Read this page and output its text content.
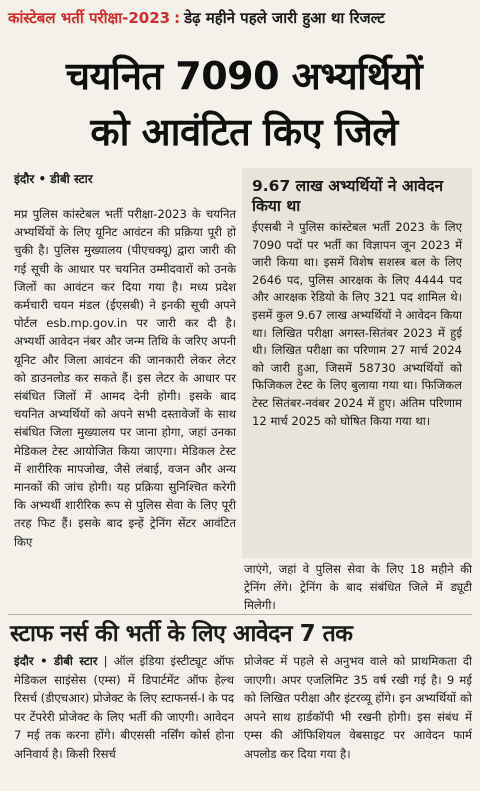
कांस्टेबल भर्ती परीक्षा-2023 : डेढ़ महीने पहले जारी हुआ था रिजल्ट
चयनित 7090 अभ्यर्थियों
को आवंटित किए जिले
इंदौर • डीबी स्टार
मप्र पुलिस कांस्टेबल भर्ती परीक्षा-2023 के चयनित अभ्यर्थियों के लिए यूनिट आवंटन की प्रक्रिया पूरी हो चुकी है। पुलिस मुख्यालय (पीएचक्यू) द्वारा जारी की गई सूची के आधार पर चयनित उम्मीदवारों को उनके जिलों का आवंटन कर दिया गया है। मध्य प्रदेश कर्मचारी चयन मंडल (ईएसबी) ने इनकी सूची अपने पोर्टल esb.mp.gov.in पर जारी कर दी है। अभ्यर्थी आवेदन नंबर और जन्म तिथि के जरिए अपनी यूनिट और जिला आवंटन की जानकारी लेकर लेटर को डाउनलोड कर सकते हैं। इस लेटर के आधार पर संबंधित जिलों में आमद देनी होगी। इसके बाद चयनित अभ्यर्थियों को अपने सभी दस्तावेजों के साथ संबंधित जिला मुख्यालय पर जाना होगा, जहां उनका मेडिकल टेस्ट आयोजित किया जाएगा। मेडिकल टेस्ट में शारीरिक मापजोख, जैसे लंबाई, वजन और अन्य मानकों की जांच होगी। यह प्रक्रिया सुनिश्चित करेगी कि अभ्यर्थी शारीरिक रूप से पुलिस सेवा के लिए पूरी तरह फिट हैं। इसके बाद इन्हें ट्रेनिंग सेंटर आवंटित किए
9.67 लाख अभ्यर्थियों ने आवेदन किया था
ईएसबी ने पुलिस कांस्टेबल भर्ती 2023 के लिए 7090 पदों पर भर्ती का विज्ञापन जून 2023 में जारी किया था। इसमें विशेष सशस्त्र बल के लिए 2646 पद, पुलिस आरक्षक के लिए 4444 पद और आरक्षक रेडियो के लिए 321 पद शामिल थे। इसमें कुल 9.67 लाख अभ्यर्थियों ने आवेदन किया था। लिखित परीक्षा अगस्त-सितंबर 2023 में हुई थी। लिखित परीक्षा का परिणाम 27 मार्च 2024 को जारी हुआ, जिसमें 58730 अभ्यर्थियों को फिजिकल टेस्ट के लिए बुलाया गया था। फिजिकल टेस्ट सितंबर-नवंबर 2024 में हुए। अंतिम परिणाम 12 मार्च 2025 को घोषित किया गया था।
जाएंगे, जहां वे पुलिस सेवा के लिए 18 महीने की ट्रेनिंग लेंगे। ट्रेनिंग के बाद संबंधित जिले में ड्यूटी मिलेगी।
स्टाफ नर्स की भर्ती के लिए आवेदन 7 तक
इंदौर • डीबी स्टार | ऑल इंडिया इंस्टीट्यूट ऑफ मेडिकल साइंसेस (एम्स) में डिपार्टमेंट ऑफ हेल्थ रिसर्च (डीएचआर) प्रोजेक्ट के लिए स्टाफनर्स-I के पद पर टेंपरेरी प्रोजेक्ट के लिए भर्ती की जाएगी। आवेदन 7 मई तक करना होंगे। बीएससी नर्सिंग कोर्स होना अनिवार्य है। किसी रिसर्च
प्रोजेक्ट में पहले से अनुभव वाले को प्राथमिकता दी जाएगी। अपर एजलिमिट 35 वर्ष रखी गई है। 9 मई को लिखित परीक्षा और इंटरव्यू होंगे। इन अभ्यर्थियों को अपने साथ हार्डकॉपी भी रखनी होगी। इस संबंध में एम्स की ऑफिशियल वेबसाइट पर आवेदन फार्म अपलोड कर दिया गया है।
